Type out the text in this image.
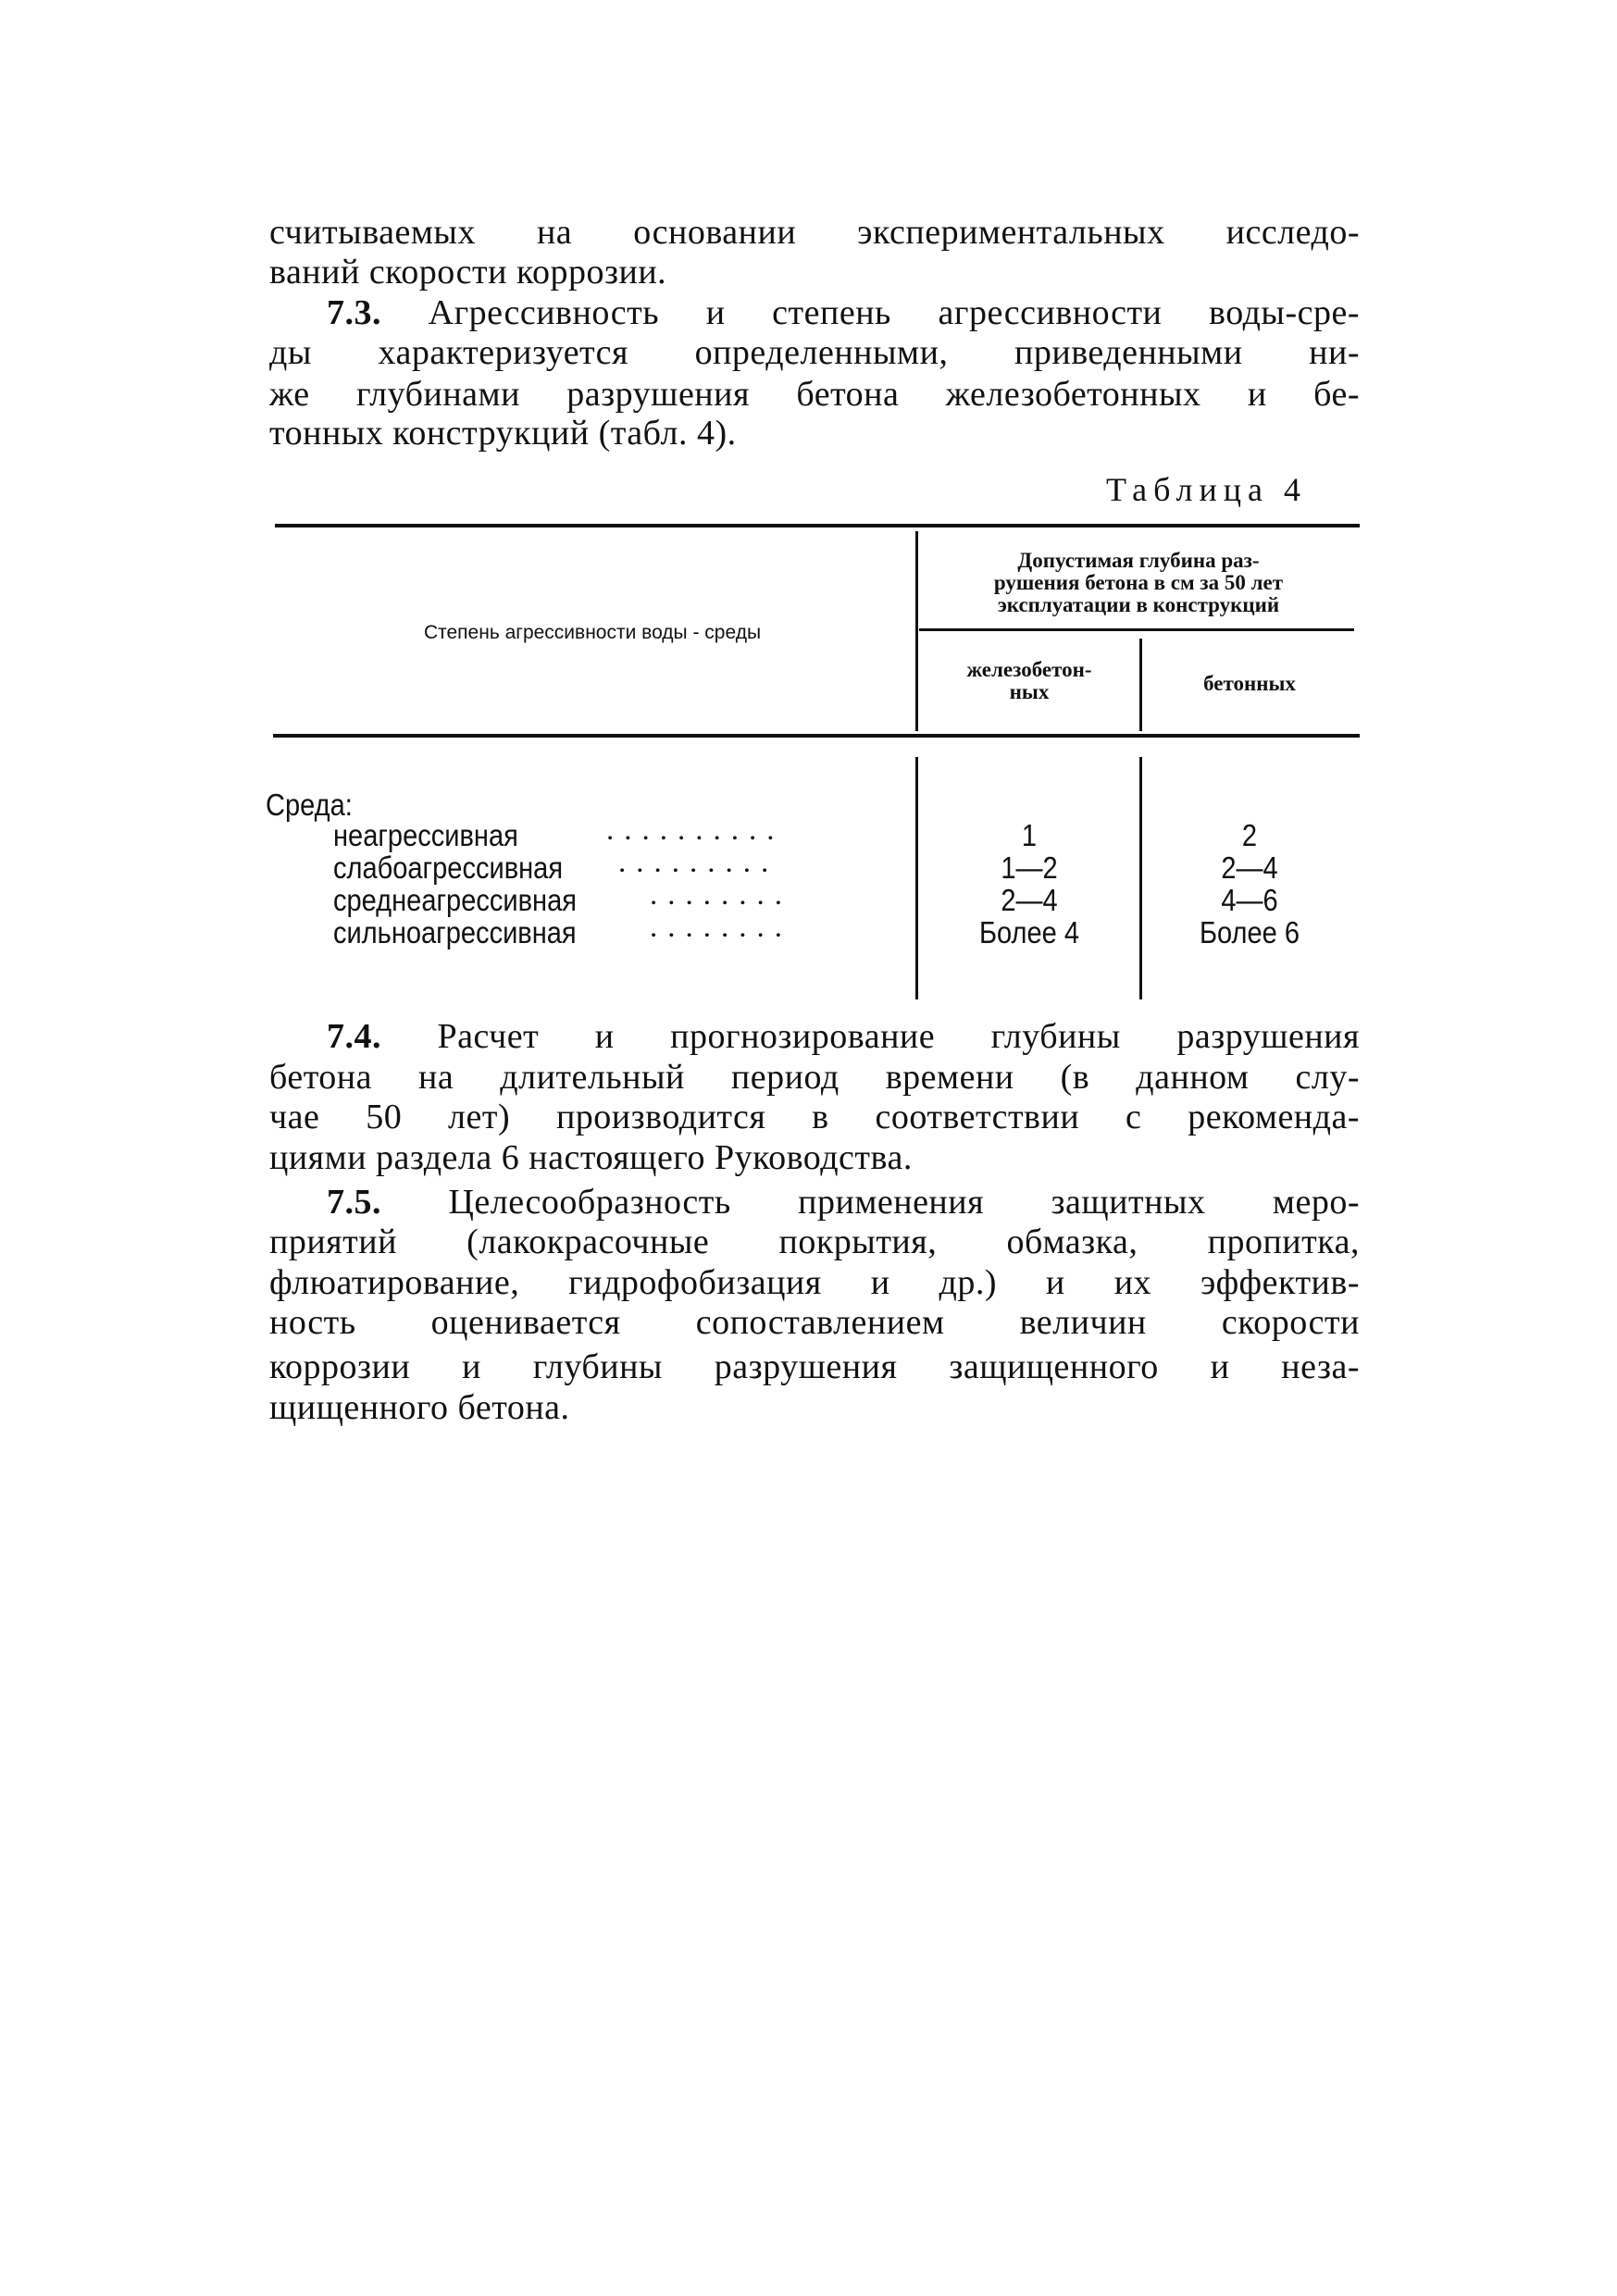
считываемых на основании экспериментальных исследо-
ваний скорости коррозии.
7.3. Агрессивность и степень агрессивности воды-сре-
ды характеризуется определенными, приведенными ни-
же глубинами разрушения бетона железобетонных и бе-
тонных конструкций (табл. 4).
Таблица 4
Степень агрессивности воды - среды
Допустимая глубина раз-
рушения бетона в см за 50 лет
эксплуатации в конструкций
железобетон-
ных	бетонных
Среда:
неагрессивная	..........	1	2
слабоагрессивная .........	1—2	2—4
среднеагрессивная ........	2—4	4—6
сильноагрессивная ........	Более 4	Более 6
7.4. Расчет и прогнозирование глубины разрушения
бетона на длительный период времени (в данном слу-
чае 50 лет) производится в соответствии с рекоменда-
циями раздела 6 настоящего Руководства.
7.5. Целесообразность применения защитных меро-
приятий (лакокрасочные покрытия, обмазка, пропитка,
флюатирование, гидрофобизация и др.) и их эффектив-
ность оценивается сопоставлением величин скорости
коррозии и глубины разрушения защищенного и неза-
щищенного бетона.
